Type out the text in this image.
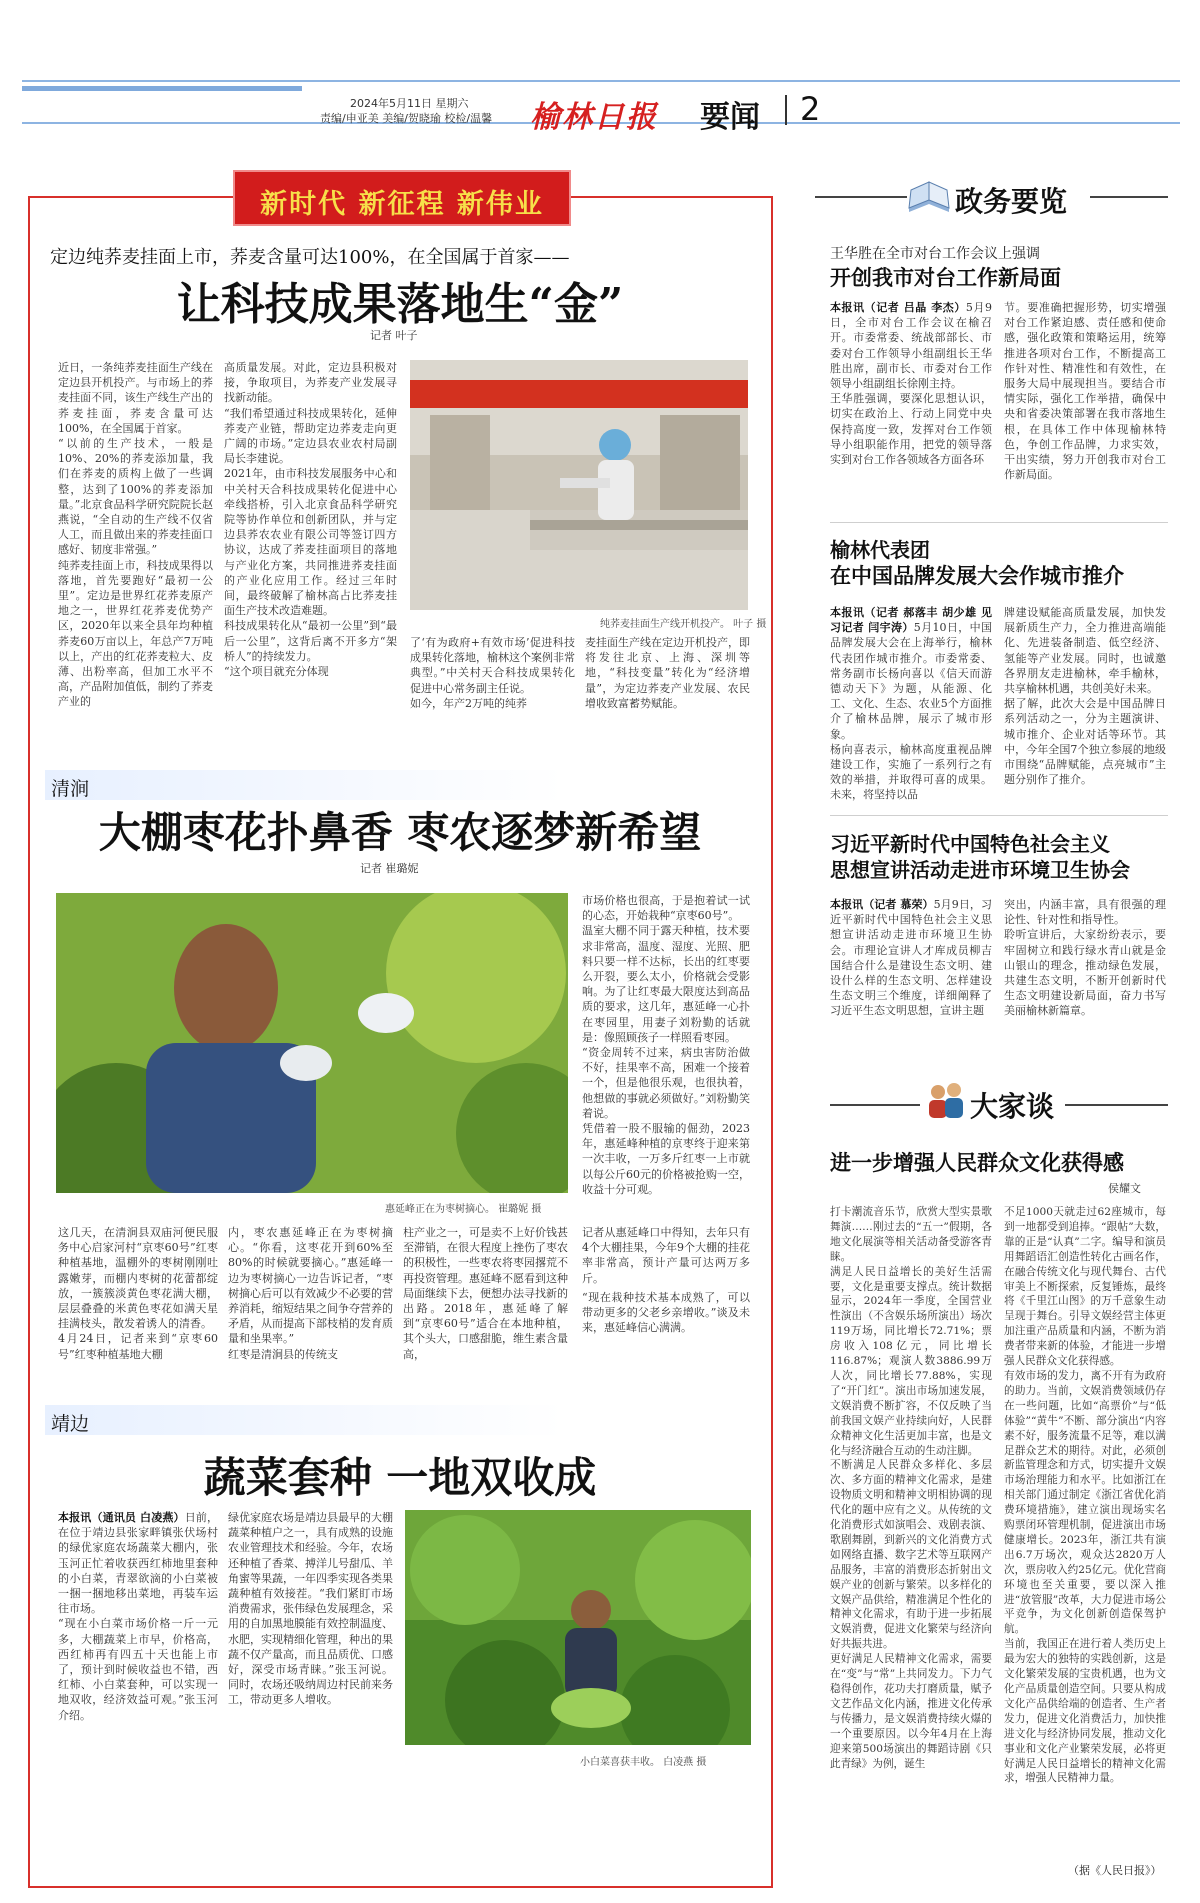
2024年5月11日 星期六
责编/申亚美 美编/贺晓瑜 校检/温馨 榆林日报 要闻 2
新时代 新征程 新伟业
定边纯荞麦挂面上市，荞麦含量可达100%，在全国属于首家——
让科技成果落地生“金”
记者 叶子
近日，一条纯荞麦挂面生产线在定边县开机投产。与市场上的荞麦挂面不同，该生产线生产出的荞麦挂面，荞麦含量可达100%，在全国属于首家。
“以前的生产技术，一般是10%、20%的荞麦添加量，我们在荞麦的质构上做了一些调整，达到了100%的荞麦添加量。”北京食品科学研究院院长赵燕说，“全自动的生产线不仅省人工，而且做出来的荞麦挂面口感好、韧度非常强。”
纯荞麦挂面上市，科技成果得以落地，首先要跑好“最初一公里”。定边是世界红花荞麦原产地之一，世界红花荞麦优势产区，2020年以来全县年均种植荞麦60万亩以上，年总产7万吨以上，产出的红花荞麦粒大、皮薄、出粉率高，但加工水平不高，产品附加值低，制约了荞麦产业的
高质量发展。对此，定边县积极对接，争取项目，为荞麦产业发展寻找新动能。
“我们希望通过科技成果转化，延伸荞麦产业链，帮助定边荞麦走向更广阔的市场。”定边县农业农村局副局长李建说。
2021年，由市科技发展服务中心和中关村天合科技成果转化促进中心牵线搭桥，引入北京食品科学研究院等协作单位和创新团队，并与定边县荞农农业有限公司等签订四方协议，达成了荞麦挂面项目的落地与产业化方案，共同推进荞麦挂面的产业化应用工作。经过三年时间，最终破解了榆林高占比荞麦挂面生产技术改造难题。
科技成果转化从“最初一公里”到“最后一公里”，这背后离不开多方“架桥人”的持续发力。
“这个项目就充分体现
纯荞麦挂面生产线开机投产。 叶子 摄
了‘有为政府+有效市场’促进科技成果转化落地，榆林这个案例非常典型。”中关村天合科技成果转化促进中心常务副主任说。
如今，年产2万吨的纯荞
麦挂面生产线在定边开机投产，即将发往北京、上海、深圳等地，“科技变量”转化为“经济增量”，为定边荞麦产业发展、农民增收致富蓄势赋能。
清涧
大棚枣花扑鼻香 枣农逐梦新希望
记者 崔璐妮
惠延峰正在为枣树摘心。 崔璐妮 摄
市场价格也很高，于是抱着试一试的心态，开始栽种“京枣60号”。
温室大棚不同于露天种植，技术要求非常高，温度、湿度、光照、肥料只要一样不达标，长出的红枣要么开裂，要么太小，价格就会受影响。为了让红枣最大限度达到高品质的要求，这几年，惠延峰一心扑在枣园里，用妻子刘粉勤的话就是：像照顾孩子一样照看枣园。
“资金周转不过来，病虫害防治做不好，挂果率不高，困难一个接着一个，但是他很乐观，也很执着，他想做的事就必须做好。”刘粉勤笑着说。
凭借着一股不服输的倔劲，2023年，惠延峰种植的京枣终于迎来第一次丰收，一万多斤红枣一上市就以每公斤60元的价格被抢购一空，收益十分可观。
这几天，在清涧县双庙河便民服务中心启家河村“京枣60号”红枣种植基地，温棚外的枣树刚刚吐露嫩芽，而棚内枣树的花蕾都绽放，一簇簇淡黄色枣花满大棚，层层叠叠的米黄色枣花如满天星挂满枝头，散发着诱人的清香。
4月24日，记者来到“京枣60号”红枣种植基地大棚
内，枣农惠延峰正在为枣树摘心。“你看，这枣花开到60%至80%的时候就要摘心。”惠延峰一边为枣树摘心一边告诉记者，“枣树摘心后可以有效减少不必要的营养消耗，缩短结果之间争夺营养的矛盾，从而提高下部枝梢的发育质量和坐果率。”
红枣是清涧县的传统支
柱产业之一，可是卖不上好价钱甚至滞销，在很大程度上挫伤了枣农的积极性，一些枣农将枣园撂荒不再投资管理。惠延峰不愿看到这种局面继续下去，便想办法寻找新的出路。2018年，惠延峰了解到“京枣60号”适合在本地种植，其个头大，口感甜脆，维生素含量高，
记者从惠延峰口中得知，去年只有4个大棚挂果，今年9个大棚的挂花率非常高，预计产量可达两万多斤。
“现在栽种技术基本成熟了，可以带动更多的父老乡亲增收。”谈及未来，惠延峰信心满满。
靖边
蔬菜套种 一地双收成
本报讯（通讯员 白凌燕）日前，在位于靖边县张家畔镇张伏场村的绿优家庭农场蔬菜大棚内，张玉河正忙着收获西红柿地里套种的小白菜，青翠欲滴的小白菜被一捆一捆地移出菜地，再装车运往市场。
“现在小白菜市场价格一斤一元多，大棚蔬菜上市早，价格高，西红柿再有四五十天也能上市了，预计到时候收益也不错，西红柿、小白菜套种，可以实现一地双收，经济效益可观。”张玉河介绍。
绿优家庭农场是靖边县最早的大棚蔬菜种植户之一，具有成熟的设施农业管理技术和经验。今年，农场还种植了香菜、搏洋儿号甜瓜、羊角蜜等果蔬，一年四季实现各类果蔬种植有效接茬。“我们紧盯市场消费需求，张伟绿色发展理念，采用的自加黑地膜能有效控制温度、水肥，实现精细化管理，种出的果蔬不仅产量高，而且品质优、口感好，深受市场青睐。”张玉河说。同时，农场还吸纳周边村民前来务工，带动更多人增收。
小白菜喜获丰收。 白凌燕 摄
政务要览
王华胜在全市对台工作会议上强调
开创我市对台工作新局面
本报讯（记者 吕晶 李杰）5月9日，全市对台工作会议在榆召开。市委常委、统战部部长、市委对台工作领导小组副组长王华胜出席，副市长、市委对台工作领导小组副组长徐刚主持。
王华胜强调，要深化思想认识，切实在政治上、行动上同党中央保持高度一致，发挥对台工作领导小组职能作用，把党的领导落实到对台工作各领域各方面各环
节。要准确把握形势，切实增强对台工作紧迫感、责任感和使命感，强化政策和策略运用，统筹推进各项对台工作，不断提高工作针对性、精准性和有效性，在服务大局中展现担当。要结合市情实际，强化工作举措，确保中央和省委决策部署在我市落地生根，在具体工作中体现榆林特色，争创工作品牌，力求实效，干出实绩，努力开创我市对台工作新局面。
榆林代表团
在中国品牌发展大会作城市推介
本报讯（记者 郝落丰 胡少雄 见习记者 闫宇涛）5月10日，中国品牌发展大会在上海举行，榆林代表团作城市推介。市委常委、常务副市长杨向喜以《信天而游 德动天下》为题，从能源、化工、文化、生态、农业5个方面推介了榆林品牌，展示了城市形象。
杨向喜表示，榆林高度重视品牌建设工作，实施了一系列行之有效的举措，并取得可喜的成果。未来，将坚持以品
牌建设赋能高质量发展，加快发展新质生产力，全力推进高端能化、先进装备制造、低空经济、氢能等产业发展。同时，也诚邀各界朋友走进榆林，牵手榆林，共享榆林机遇，共创美好未来。
据了解，此次大会是中国品牌日系列活动之一，分为主题演讲、城市推介、企业对话等环节。其中，今年全国7个独立参展的地级市围绕“品牌赋能，点亮城市”主题分别作了推介。
习近平新时代中国特色社会主义
思想宣讲活动走进市环境卫生协会
本报讯（记者 慕荣）5月9日，习近平新时代中国特色社会主义思想宣讲活动走进市环境卫生协会。市理论宣讲人才库成员柳吉国结合什么是建设生态文明、建设什么样的生态文明、怎样建设生态文明三个维度，详细阐释了习近平生态文明思想，宣讲主题
突出，内涵丰富，具有很强的理论性、针对性和指导性。
聆听宣讲后，大家纷纷表示，要牢固树立和践行绿水青山就是金山银山的理念，推动绿色发展，共建生态文明，不断开创新时代生态文明建设新局面，奋力书写美丽榆林新篇章。
大家谈
进一步增强人民群众文化获得感
侯耀文
打卡潮流音乐节，欣赏大型实景歌舞演……刚过去的“五一”假期，各地文化展演等相关活动备受游客青睐。
满足人民日益增长的美好生活需要，文化是重要支撑点。统计数据显示，2024年一季度，全国营业性演出（不含娱乐场所演出）场次119万场，同比增长72.71%；票房收入108亿元，同比增长116.87%；观演人数3886.99万人次，同比增长77.88%，实现了“开门红”。演出市场加速发展，文娱消费不断扩容，不仅反映了当前我国文娱产业持续向好，人民群众精神文化生活更加丰富，也是文化与经济融合互动的生动注脚。
不断满足人民群众多样化、多层次、多方面的精神文化需求，是建设物质文明和精神文明相协调的现代化的题中应有之义。从传统的文化消费形式如演唱会、戏剧表演、歌剧舞剧，到新兴的文化消费方式如网络直播、数字艺术等互联网产品服务，丰富的消费形态折射出文娱产业的创新与繁荣。以多样化的文娱产品供给，精准满足个性化的精神文化需求，有助于进一步拓展文娱消费，促进文化繁荣与经济向好共振共进。
更好满足人民精神文化需求，需要在“变”与“常”上共同发力。下力气稳得创作，花功夫打磨质量，赋予文艺作品文化内涵，推进文化传承与传播力，是文娱消费持续火爆的一个重要原因。以今年4月在上海迎来第500场演出的舞蹈诗剧《只此青绿》为例，诞生
不足1000天就走过62座城市，每到一地都受到追捧。“跟帖”大数，靠的正是“认真”二字。编导和演员用舞蹈语汇创造性转化古画名作，在融合传统文化与现代舞台、古代审美上不断探索，反复锤炼，最终将《千里江山图》的万千意象生动呈现于舞台。引导文娱经营主体更加注重产品质量和内涵，不断为消费者带来新的体验，才能进一步增强人民群众文化获得感。
有效市场的发力，离不开有为政府的助力。当前，文娱消费领域仍存在一些问题，比如“高票价”与“低体验”“黄牛”不断、部分演出“内容素不好，服务流量不足等，难以满足群众艺术的期待。对此，必须创新监管理念和方式，切实提升文娱市场治理能力和水平。比如浙江在相关部门通过制定《浙江省优化消费环境措施》，建立演出现场实名购票闭环管理机制，促进演出市场健康增长。2023年，浙江共有演出6.7万场次，观众达2820万人次，票房收入约25亿元。优化营商环境也至关重要，要以深入推进“放管服”改革，大力促进市场公平竞争，为文化创新创造保驾护航。
当前，我国正在进行着人类历史上最为宏大的独特的实践创新，这是文化繁荣发展的宝贵机遇，也为文化产品质量创造空间。只要从构成文化产品供给端的创造者、生产者发力，促进文化消费活力，加快推进文化与经济协同发展，推动文化事业和文化产业繁荣发展，必将更好满足人民日益增长的精神文化需求，增强人民精神力量。
（据《人民日报》）
